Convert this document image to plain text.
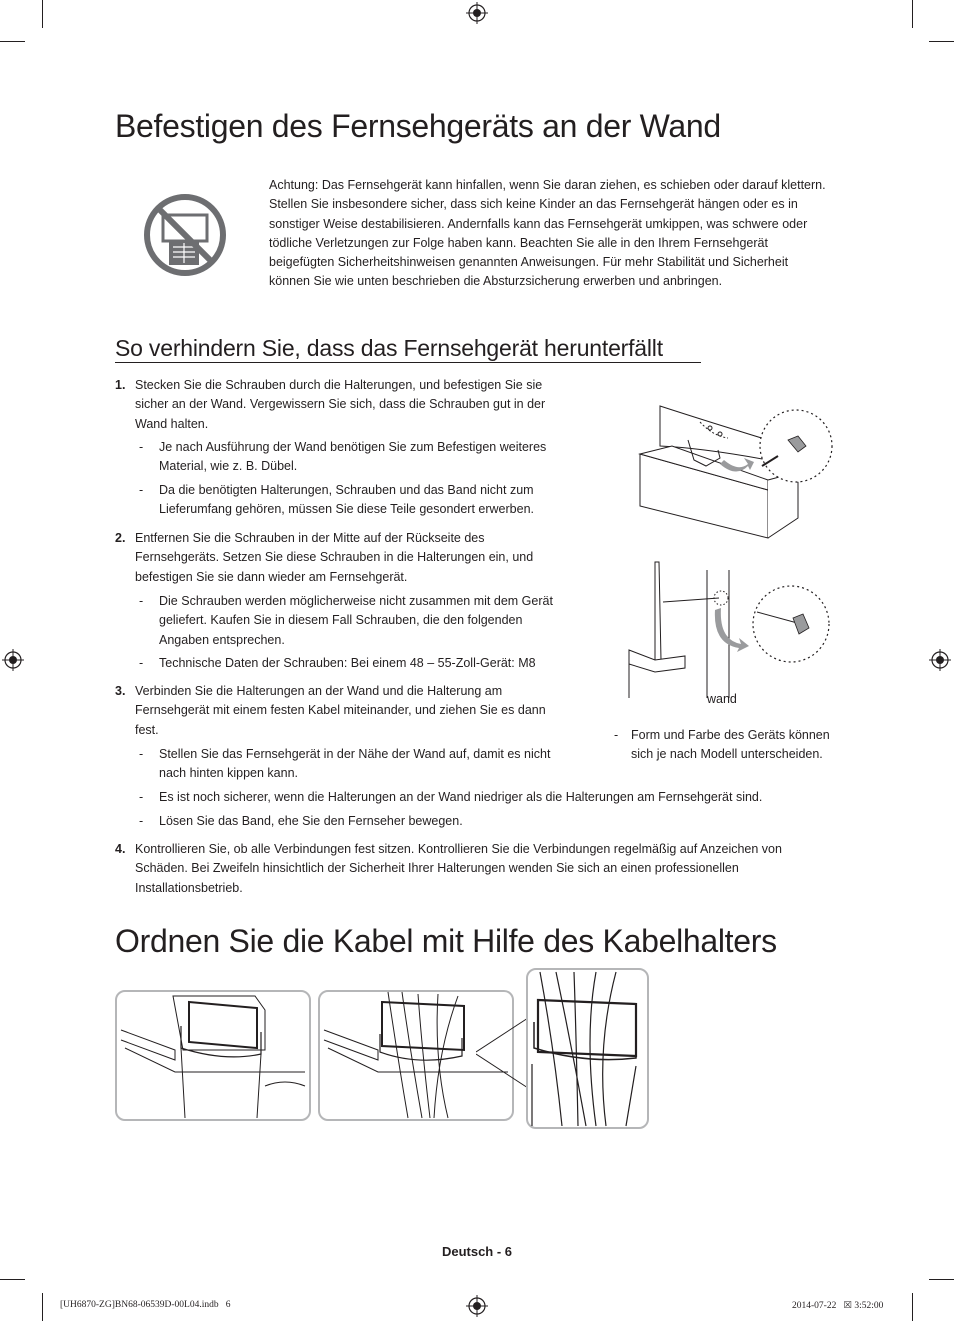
Befestigen des Fernsehgeräts an der Wand
Achtung: Das Fernsehgerät kann hinfallen, wenn Sie daran ziehen, es schieben oder darauf klettern. Stellen Sie insbesondere sicher, dass sich keine Kinder an das Fernsehgerät hängen oder es in sonstiger Weise destabilisieren. Andernfalls kann das Fernsehgerät umkippen, was schwere oder tödliche Verletzungen zur Folge haben kann. Beachten Sie alle in den Ihrem Fernsehgerät beigefügten Sicherheitshinweisen genannten Anweisungen. Für mehr Stabilität und Sicherheit können Sie wie unten beschrieben die Absturzsicherung erwerben und anbringen.
So verhindern Sie, dass das Fernsehgerät herunterfällt
1. Stecken Sie die Schrauben durch die Halterungen, und befestigen Sie sie sicher an der Wand. Vergewissern Sie sich, dass die Schrauben gut in der Wand halten.
-	Je nach Ausführung der Wand benötigen Sie zum Befestigen weiteres Material, wie z. B. Dübel.
-	Da die benötigten Halterungen, Schrauben und das Band nicht zum Lieferumfang gehören, müssen Sie diese Teile gesondert erwerben.
2. Entfernen Sie die Schrauben in der Mitte auf der Rückseite des Fernsehgeräts. Setzen Sie diese Schrauben in die Halterungen ein, und befestigen Sie sie dann wieder am Fernsehgerät.
-	Die Schrauben werden möglicherweise nicht zusammen mit dem Gerät geliefert. Kaufen Sie in diesem Fall Schrauben, die den folgenden Angaben entsprechen.
-	Technische Daten der Schrauben: Bei einem 48 – 55-Zoll-Gerät: M8
3. Verbinden Sie die Halterungen an der Wand und die Halterung am Fernsehgerät mit einem festen Kabel miteinander, und ziehen Sie es dann fest.
-	Stellen Sie das Fernsehgerät in der Nähe der Wand auf, damit es nicht nach hinten kippen kann.
-	Es ist noch sicherer, wenn die Halterungen an der Wand niedriger als die Halterungen am Fernsehgerät sind.
-	Lösen Sie das Band, ehe Sie den Fernseher bewegen.
4. Kontrollieren Sie, ob alle Verbindungen fest sitzen. Kontrollieren Sie die Verbindungen regelmäßig auf Anzeichen von Schäden. Bei Zweifeln hinsichtlich der Sicherheit Ihrer Halterungen wenden Sie sich an einen professionellen Installationsbetrieb.
wand
-	Form und Farbe des Geräts können sich je nach Modell unterscheiden.
Ordnen Sie die Kabel mit Hilfe des Kabelhalters
Deutsch - 6
[UH6870-ZG]BN68-06539D-00L04.indb   6	2014-07-22   ☒ 3:52:00
